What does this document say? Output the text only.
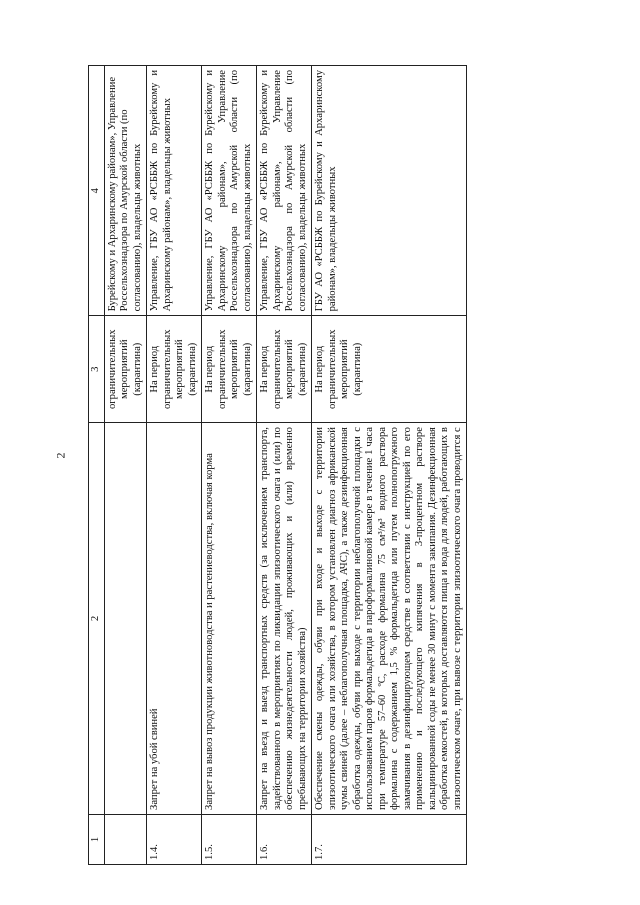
2
1	2	3	4
		ограничительных мероприятий (карантина)	Бурейскому и Архаринскому районам», Управление Россельхознадзора по Амурской области (по согласованию), владельцы животных
1.4.	Запрет на убой свиней	На период ограничительных мероприятий (карантина)	Управление, ГБУ АО «РСББЖ по Бурейскому и Архаринскому районам», владельцы животных
1.5.	Запрет на вывоз продукции животноводства и растениеводства, включая корма	На период ограничительных мероприятий (карантина)	Управление, ГБУ АО «РСББЖ по Бурейскому и Архаринскому районам», Управление Россельхознадзора по Амурской области (по согласованию), владельцы животных
1.6.	Запрет на въезд и выезд транспортных средств (за исключением транспорта, задействованного в мероприятиях по ликвидации эпизоотического очага и (или) по обеспечению жизнедеятельности людей, проживающих и (или) временно пребывающих на территории хозяйства)	На период ограничительных мероприятий (карантина)	Управление, ГБУ АО «РСББЖ по Бурейскому и Архаринскому районам», Управление Россельхознадзора по Амурской области (по согласованию), владельцы животных
1.7.	Обеспечение смены одежды, обуви при входе и выходе с территории эпизоотического очага или хозяйства, в котором установлен диагноз африканской чумы свиней (далее – неблагополучная площадка, АЧС), а также дезинфекционная обработка одежды, обуви при выходе с территории неблагополучной площадки с использованием паров формальдегида в пароформалиновой камере в течение 1 часа при температуре 57–60 ºС, расходе формалина 75 см³/м³ водного раствора формалина с содержанием 1,5 % формальдегида или путем полнопогружного замачивания в дезинфицирующем средстве в соответствии с инструкцией по его применению и последующего кипячения в 3-процентном растворе кальцинированной соды не менее 30 минут с момента закипания. Дезинфекционная обработка емкостей, в которых доставляются пища и вода для людей, работающих в эпизоотическом очаге, при вывозе с территории эпизоотического очага проводится с	На период ограничительных мероприятий (карантина)	ГБУ АО «РСББЖ по Бурейскому и Архаринскому районам», владельцы животных
